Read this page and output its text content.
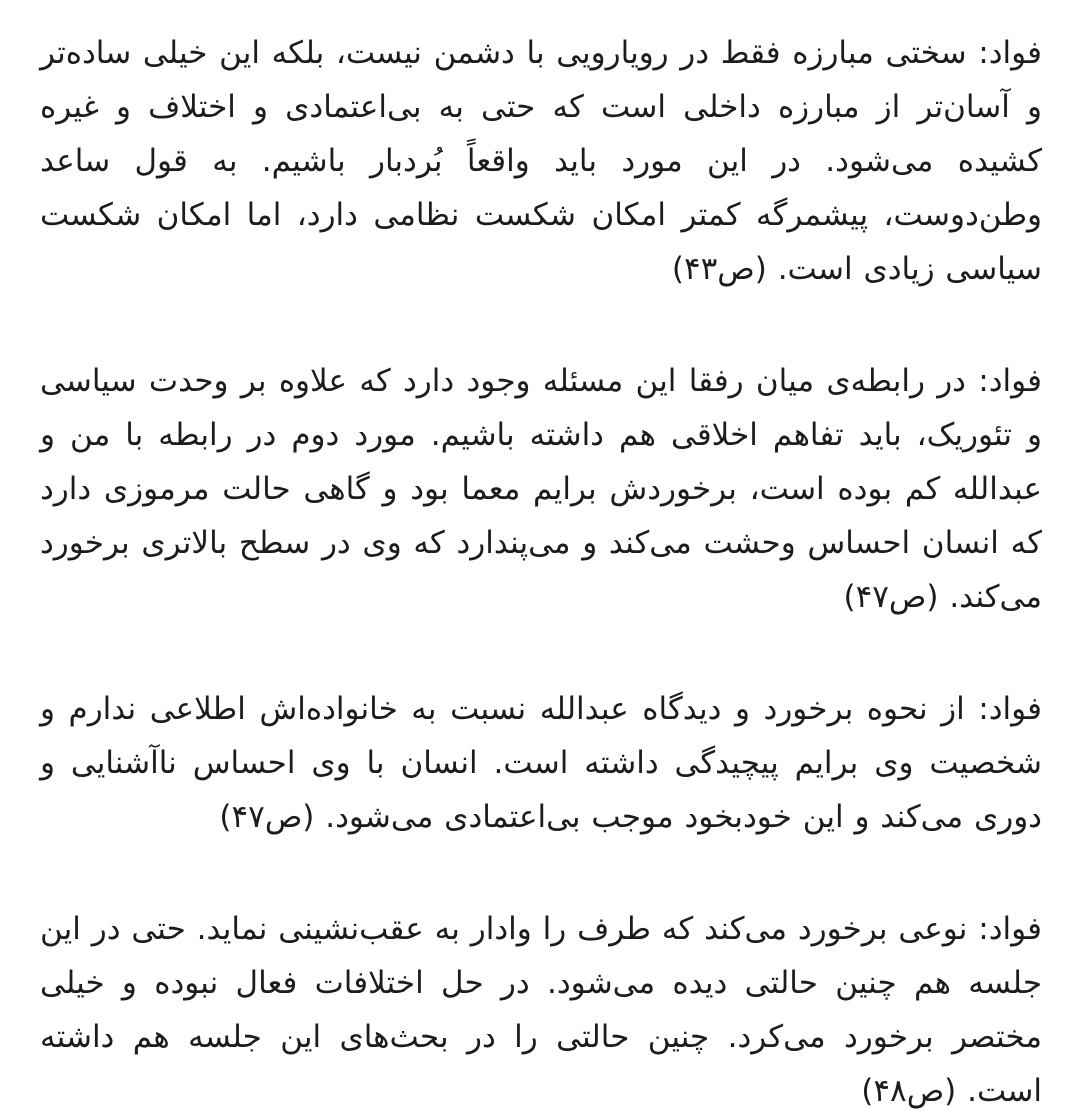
فواد: سختی مبارزه فقط در رویارویی با دشمن نیست، بلکه این خیلی ساده‌تر و آسان‌تر از مبارزه داخلی است که حتی به بی‌اعتمادی و اختلاف و غیره کشیده می‌شود. در این مورد باید واقعاً بُردبار باشیم. به قول ساعد وطن‌دوست، پیشمرگه کمتر امکان شکست نظامی دارد، اما امکان شکست سیاسی زیادی است. (ص۴۳)

فواد: در رابطه‌ی میان رفقا این مسئله وجود دارد که علاوه بر وحدت سیاسی و تئوریک، باید تفاهم اخلاقی هم داشته باشیم. مورد دوم در رابطه با من و عبدالله کم بوده است، برخوردش برایم معما بود و گاهی حالت مرموزی دارد که انسان احساس وحشت می‌کند و می‌پندارد که وی در سطح بالاتری برخورد می‌کند. (ص۴۷)

فواد: از نحوه برخورد و دیدگاه عبدالله نسبت به خانواده‌اش اطلاعی ندارم و شخصیت وی برایم پیچیدگی داشته است. انسان با وی احساس ناآشنایی و دوری می‌کند و این خودبخود موجب بی‌اعتمادی می‌شود. (ص۴۷)

فواد: نوعی برخورد می‌کند که طرف را وادار به عقب‌نشینی نماید. حتی در این جلسه هم چنین حالتی دیده می‌شود. در حل اختلافات فعال نبوده و خیلی مختصر برخورد می‌کرد. چنین حالتی را در بحث‌های این جلسه هم داشته است. (ص۴۸)
